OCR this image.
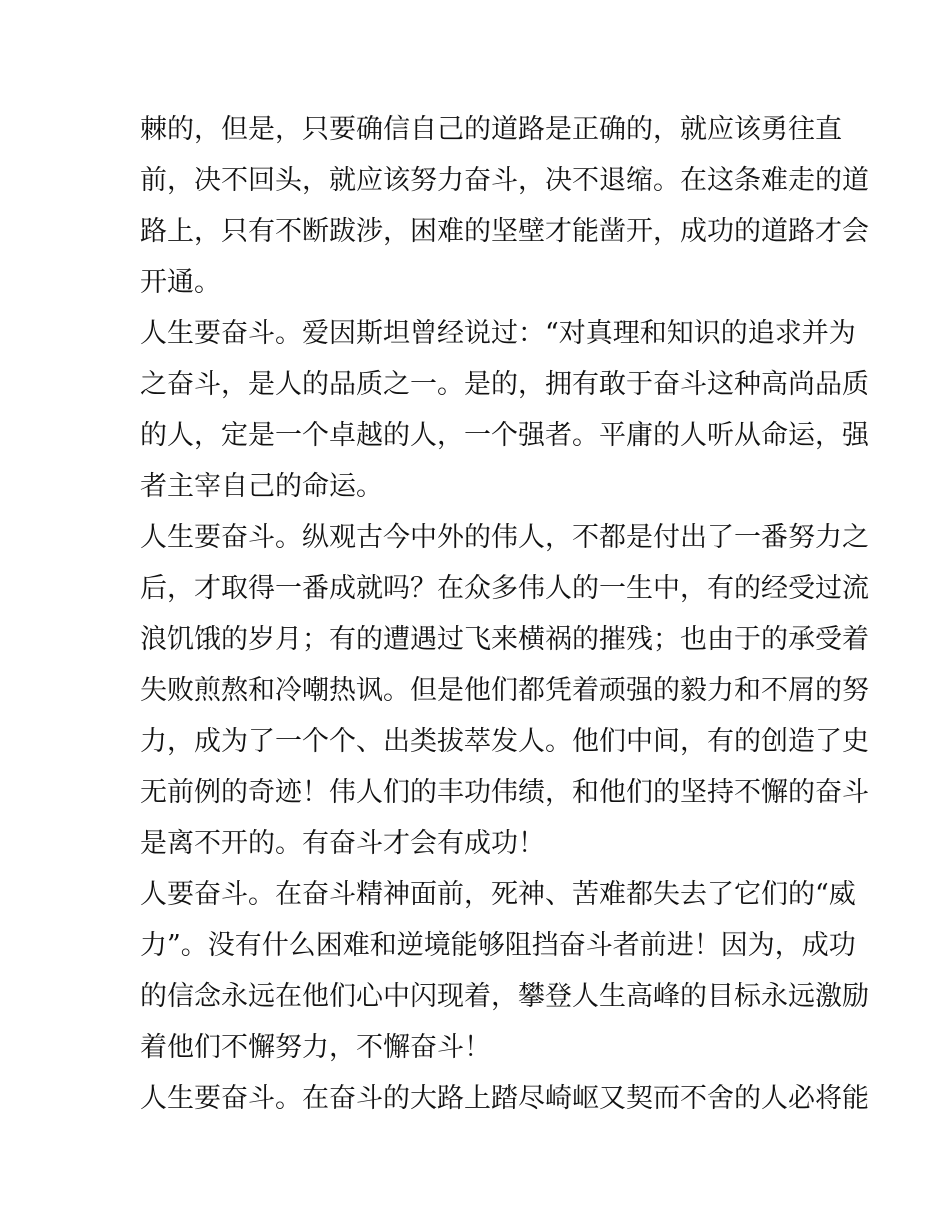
棘的，但是，只要确信自己的道路是正确的，就应该勇往直
前，决不回头，就应该努力奋斗，决不退缩。在这条难走的道
路上，只有不断跋涉，困难的坚壁才能凿开，成功的道路才会
开通。
人生要奋斗。爱因斯坦曾经说过：“对真理和知识的追求并为
之奋斗，是人的品质之一。是的，拥有敢于奋斗这种高尚品质
的人，定是一个卓越的人，一个强者。平庸的人听从命运，强
者主宰自己的命运。
人生要奋斗。纵观古今中外的伟人，不都是付出了一番努力之
后，才取得一番成就吗？在众多伟人的一生中，有的经受过流
浪饥饿的岁月；有的遭遇过飞来横祸的摧残；也由于的承受着
失败煎熬和冷嘲热讽。但是他们都凭着顽强的毅力和不屑的努
力，成为了一个个、出类拔萃发人。他们中间，有的创造了史
无前例的奇迹！伟人们的丰功伟绩，和他们的坚持不懈的奋斗
是离不开的。有奋斗才会有成功！
人要奋斗。在奋斗精神面前，死神、苦难都失去了它们的“威
力”。没有什么困难和逆境能够阻挡奋斗者前进！因为，成功
的信念永远在他们心中闪现着，攀登人生高峰的目标永远激励
着他们不懈努力，不懈奋斗！
人生要奋斗。在奋斗的大路上踏尽崎岖又契而不舍的人必将能
